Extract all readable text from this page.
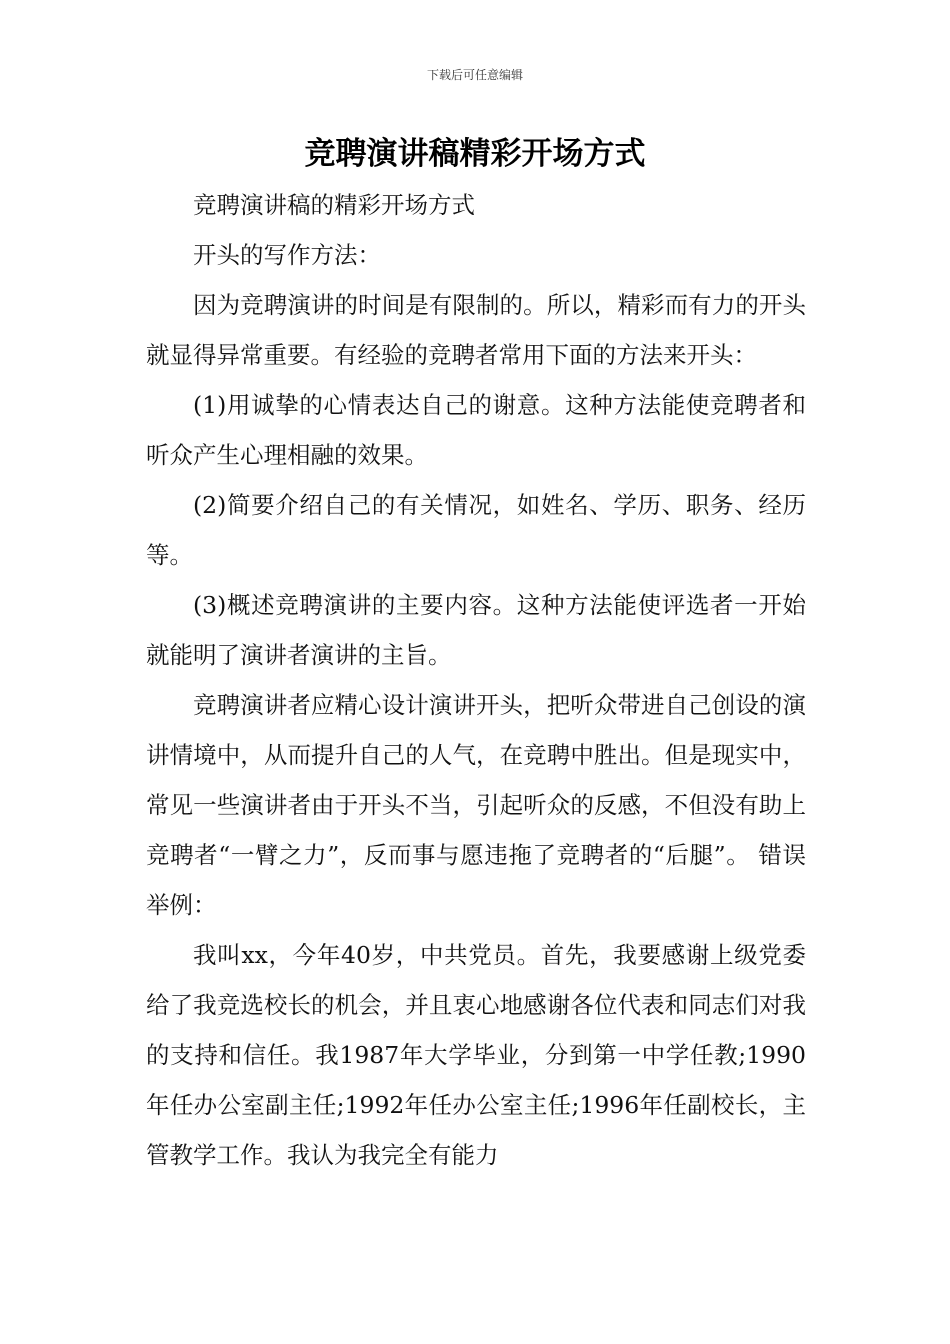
下载后可任意编辑
竞聘演讲稿精彩开场方式

竞聘演讲稿的精彩开场方式

开头的写作方法：

因为竞聘演讲的时间是有限制的。所以，精彩而有力的开头就显得异常重要。有经验的竞聘者常用下面的方法来开头：

(1)用诚挚的心情表达自己的谢意。这种方法能使竞聘者和听众产生心理相融的效果。

(2)简要介绍自己的有关情况，如姓名、学历、职务、经历等。

(3)概述竞聘演讲的主要内容。这种方法能使评选者一开始就能明了演讲者演讲的主旨。

竞聘演讲者应精心设计演讲开头，把听众带进自己创设的演讲情境中，从而提升自己的人气，在竞聘中胜出。但是现实中，常见一些演讲者由于开头不当，引起听众的反感，不但没有助上竞聘者“一臂之力”，反而事与愿违拖了竞聘者的“后腿”。 错误举例：

我叫xx，今年40岁，中共党员。首先，我要感谢上级党委给了我竞选校长的机会，并且衷心地感谢各位代表和同志们对我的支持和信任。我1987年大学毕业，分到第一中学任教;1990年任办公室副主任;1992年任办公室主任;1996年任副校长，主管教学工作。我认为我完全有能力
